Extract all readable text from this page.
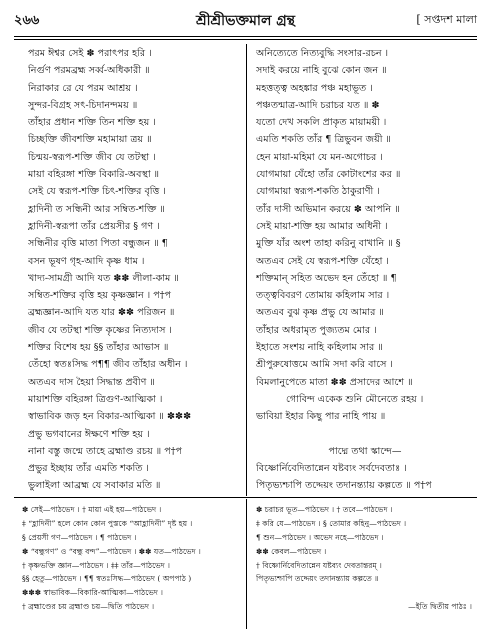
২৬৬	শ্রীশ্রীভক্তমাল গ্রন্থ	[ সপ্তদশ মালা
পরম ঈশ্বর সেই ✽ পরাৎপর হরি ।
নির্গুণ পরমব্রহ্ম সর্ব্ব-অধিকারী ॥
নিরাকার রে যে পরম আশ্রয় ।
সুন্দর-বিগ্রহ সৎ-চিদানন্দময় ॥
তাঁহার প্রধান শক্তি তিন শক্তি হয় ।
চিচ্ছক্তি জীবশক্তি মহামায়া ত্রয় ॥
চিন্ময়-স্বরূপ-শক্তি জীব যে তটস্থা ।
মায়া বহিরঙ্গা শক্তি বিকারি-অবস্থা ॥
সেই যে স্বরূপ-শক্তি চিৎ-শক্তির বৃত্তি ।
হ্লাদিনী ত সন্ধিনী আর সম্বিত-শক্তি ॥
হ্লাদিনী-স্বরূপা তাঁর প্রেয়সীর § গণ ।
সন্ধিনীর বৃত্তি মাতা পিতা বন্ধুজন ॥ ¶
বসন ভূষণ গৃহ-আদি কৃষ্ণ ধাম ।
খাদ্য-সামগ্রী আদি যত ✽✽ লীলা-কাম ॥
সম্বিত-শক্তির বৃত্তি হয় কৃষ্ণজ্ঞান । প†প
ব্রহ্মজ্ঞান-আদি যত যার ✽✽ পরিজন ॥
জীব যে তটস্থা শক্তি কৃষ্ণের নিত্যদাস ।
শক্তির বিশেষ হয় §§ তাঁহার আভাস ॥
তেঁহো স্বতঃসিদ্ধ প¶¶ জীব তাঁহার অধীন ।
অতএব দাস হৈয়া সিদ্ধান্ত প্রবীণ ॥
মায়াশক্তি বহিরঙ্গা ত্রিগুণ-আত্মিকা ।
স্বাভাবিক জড় হন বিকার-আত্মিকা ॥ ✽✽✽
প্রভু ভগবানের ঈক্ষণে শক্তি হয় ।
নানা বস্তু জন্মে তাহে ব্রহ্মাণ্ড রচয় ॥ প†প
প্রভুর ইচ্ছায় তাঁর এমতি শকতি ।
ভুলাইলা আব্রহ্ম যে সবাকার মতি ॥
অনিত্যেতে নিত্যবুদ্ধি সংসার-রচন ।
সদাই করয়ে নাহি বুঝে কোন জন ॥
মহত্তত্ত্ব অহঙ্কার পঞ্চ মহাভূত ।
পঞ্চতন্মাত্র-আদি চরাচর যত ॥ ✽
যতো দেখ সকলি প্রাকৃত মায়াময়ী ।
এমতি শকতি তাঁর ¶ ত্রিভুবন জয়ী ॥
হেন মায়া-মহিমা যে মন-অগোচর ।
যোগমায়া যেঁহো তাঁর কোটাংশের কর ॥
যোগমায়া স্বরূপ-শকতি ঠাকুরাণী ।
তাঁর দাসী অভিমান করয়ে ✽ আপনি ॥
সেই মায়া-শক্তি হয় আমার অধিনী ।
মুক্তি যাঁর অংশ তাহা করিনু বাখানি ॥ §
অতএব সেই যে স্বরূপ-শক্তি যেঁহো ।
শক্তিমান্ সহিত অভেদ হন তেঁহো ॥ ¶
তত্ত্ববিবরণ তোমায় কহিলাম সার ।
অতএব বুঝ কৃষ্ণ প্রভু যে আমার ॥
তাঁহার অধরামৃত পুজ্যতম মোর ।
ইহাতে সংশয় নাহি কহিলাম সার ॥
শ্রীপুরুষোত্তমে আমি সদা করি বাসে ।
বিমলানুপেতে মাতা ✽✽ প্রসাদের আশে ॥
গোবিন্দ একেক শুনি মৌনেতে রহয় ।
ভাবিয়া ইহার কিছু পার নাহি পায় ॥
পাদ্মে তথা স্কান্দে—
বিষ্ণোর্নিবেদিতান্নেন যষ্টব্যং সর্বদেবতাঃ ।
পিতৃভ্যশ্চাপি তদ্দেয়ং তদানন্ত্যায় কল্পতে ॥ প†প
✽ সেই—পাঠভেদ । † মায়া এই হয়—পাঠভেদ ।
‡ “হ্লাদিনী” হলে কোন কোন পুস্তকে “আহ্লাদিনী” দৃষ্ট হয় ।
§ প্রেয়সী গণ—পাঠভেদ । ¶ পাঠভেদ ।
✽ “বন্ধুগণ” ও “বন্ধু বন্দ”—পাঠভেদ । ✽✽ যত—পাঠভেদ ।
† কৃষ্ণভক্তি জ্ঞান—পাঠভেদ । ‡‡ তাঁর—পাঠভেদ ।
§§ হেতু—পাঠভেদ । ¶¶ স্বতঃসিদ্ধ—পাঠভেদ ( অপপাঠ )
✽✽✽ স্বাভাবিক—বিকারি-আত্মিকা—পাঠভেদ ।
† ব্রহ্মাণ্ডের চয় ব্রহ্মাণ্ড চয়—দ্বিতি পাঠভেদ ।
✽ চরাচর ভূত—পাঠভেদ । † তবে—পাঠভেদ ।
‡ করি যে—পাঠভেদ । § তোমার কহিনু—পাঠভেদ ।
¶ শুন—পাঠভেদ । অভেদ নহে—পাঠভেদ ।
✽✽ কেবল—পাঠভেদ ।
† বিষ্ণোর্নিবেদিতান্নেন যষ্টব্যং দেবতান্তরম্ ।
পিতৃভ্যশ্চাপি তদ্দেয়ং তদানন্ত্যায় কল্পতে ॥
—ইতি দ্বিতীয় পাঠঃ ।
